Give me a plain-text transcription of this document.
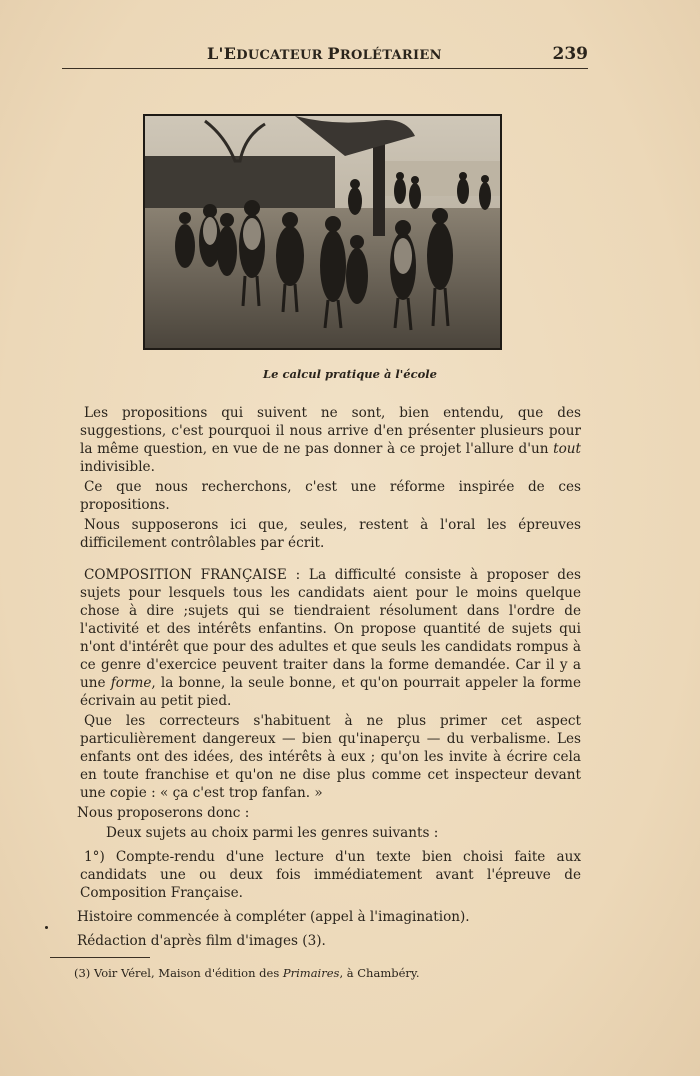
L'EDUCATEUR PROLÉTARIEN	239
Le calcul pratique à l'école

Les propositions qui suivent ne sont, bien entendu, que des suggestions, c'est pourquoi il nous arrive d'en présenter plusieurs pour la même question, en vue de ne pas donner à ce projet l'allure d'un tout indivisible.

Ce que nous recherchons, c'est une réforme inspirée de ces propositions.

Nous supposerons ici que, seules, restent à l'oral les épreuves difficilement contrôlables par écrit.

COMPOSITION FRANÇAISE : La difficulté consiste à proposer des sujets pour lesquels tous les candidats aient pour le moins quelque chose à dire ;sujets qui se tiendraient résolument dans l'ordre de l'activité et des intérêts enfantins. On propose quantité de sujets qui n'ont d'intérêt que pour des adultes et que seuls les candidats rompus à ce genre d'exercice peuvent traiter dans la forme demandée. Car il y a une forme, la bonne, la seule bonne, et qu'on pourrait appeler la forme écrivain au petit pied.

Que les correcteurs s'habituent à ne plus primer cet aspect particulièrement dangereux — bien qu'inaperçu — du verbalisme. Les enfants ont des idées, des intérêts à eux ; qu'on les invite à écrire cela en toute franchise et qu'on ne dise plus comme cet inspecteur devant une copie : « ça c'est trop fanfan. »

Nous proposerons donc :

Deux sujets au choix parmi les genres suivants :

1°) Compte-rendu d'une lecture d'un texte bien choisi faite aux candidats une ou deux fois immédiatement avant l'épreuve de Composition Française.

Histoire commencée à compléter (appel à l'imagination).

Rédaction d'après film d'images (3).

(3) Voir Vérel, Maison d'édition des Primaires, à Chambéry.
